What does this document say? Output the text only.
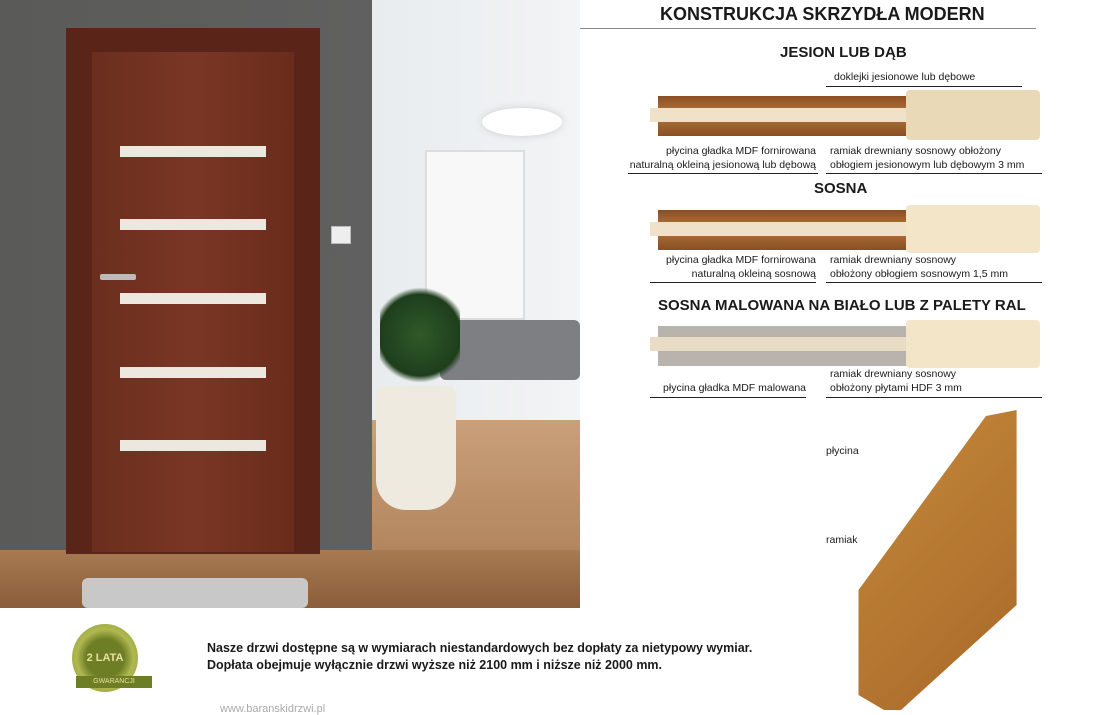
KONSTRUKCJA SKRZYDŁA MODERN
JESION LUB DĄB
doklejki jesionowe lub dębowe
płycina gładka MDF fornirowana
naturalną okleiną jesionową lub dębową
ramiak drewniany sosnowy obłożony
obłogiem jesionowym lub dębowym 3 mm
SOSNA
płycina gładka MDF fornirowana
naturalną okleiną sosnową
ramiak drewniany sosnowy
obłożony obłogiem sosnowym 1,5 mm
SOSNA MALOWANA NA BIAŁO LUB Z PALETY RAL
ramiak drewniany sosnowy
obłożony płytami HDF 3 mm
płycina gładka MDF malowana
płycina
ramiak
2 LATA
GWARANCJI
Nasze drzwi dostępne są w wymiarach niestandardowych bez dopłaty za nietypowy wymiar.
Dopłata obejmuje wyłącznie drzwi wyższe niż 2100 mm i niższe niż 2000 mm.
www.baranskidrzwi.pl
